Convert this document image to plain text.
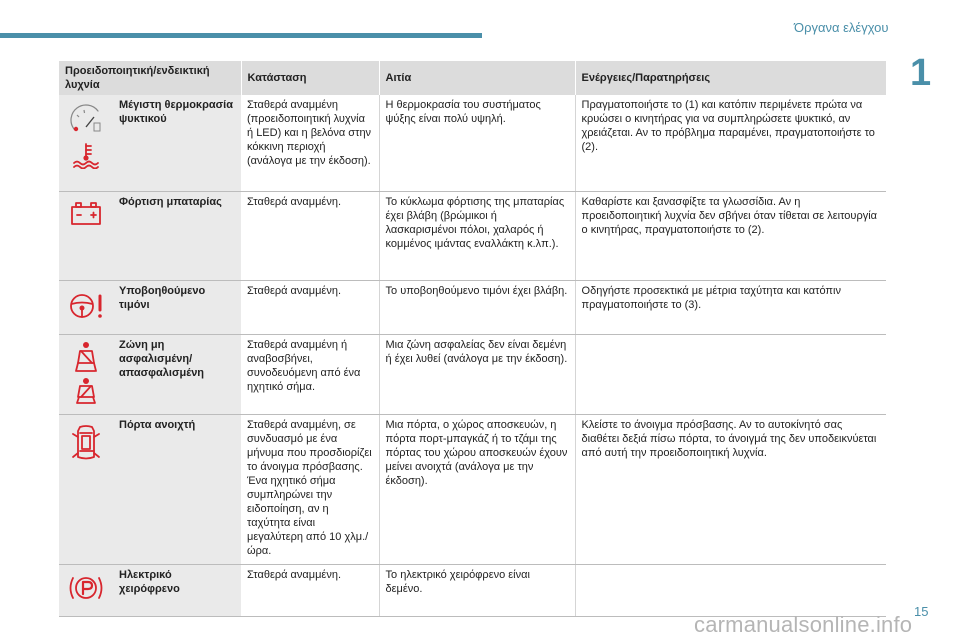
Όργανα ελέγχου
1
Προειδοποιητική/ενδεικτική λυχνία		Κατάσταση	Αιτία	Ενέργειες/Παρατηρήσεις

	Μέγιστη θερμοκρασία ψυκτικού	Σταθερά αναμμένη (προειδοποιητική λυχνία ή LED) και η βελόνα στην κόκκινη περιοχή (ανάλογα με την έκδοση).	Η θερμοκρασία του συστήματος ψύξης είναι πολύ υψηλή.	Πραγματοποιήστε το (1) και κατόπιν περιμένετε πρώτα να κρυώσει ο κινητήρας για να συμπληρώσετε ψυκτικό, αν χρειάζεται. Αν το πρόβλημα παραμένει, πραγματοποιήστε το (2).

	Φόρτιση μπαταρίας	Σταθερά αναμμένη.	Το κύκλωμα φόρτισης της μπαταρίας έχει βλάβη (βρώμικοι ή λασκαρισμένοι πόλοι, χαλαρός ή κομμένος ιμάντας εναλλάκτη κ.λπ.).	Καθαρίστε και ξανασφίξτε τα γλωσσίδια. Αν η προειδοποιητική λυχνία δεν σβήνει όταν τίθεται σε λειτουργία ο κινητήρας, πραγματοποιήστε το (2).

	Υποβοηθούμενο τιμόνι	Σταθερά αναμμένη.	Το υποβοηθούμενο τιμόνι έχει βλάβη.	Οδηγήστε προσεκτικά με μέτρια ταχύτητα και κατόπιν πραγματοποιήστε το (3).

	Ζώνη μη ασφαλισμένη/ απασφαλισμένη	Σταθερά αναμμένη ή αναβοσβήνει, συνοδευόμενη από ένα ηχητικό σήμα.	Μια ζώνη ασφαλείας δεν είναι δεμένη ή έχει λυθεί (ανάλογα με την έκδοση).	

	Πόρτα ανοιχτή	Σταθερά αναμμένη, σε συνδυασμό με ένα μήνυμα που προσδιορίζει το άνοιγμα πρόσβασης. Ένα ηχητικό σήμα συμπληρώνει την ειδοποίηση, αν η ταχύτητα είναι μεγαλύτερη από 10 χλμ./ώρα.	Μια πόρτα, ο χώρος αποσκευών, η πόρτα πορτ-μπαγκάζ ή το τζάμι της πόρτας του χώρου αποσκευών έχουν μείνει ανοιχτά (ανάλογα με την έκδοση).	Κλείστε το άνοιγμα πρόσβασης. Αν το αυτοκίνητό σας διαθέτει δεξιά πίσω πόρτα, το άνοιγμά της δεν υποδεικνύεται από αυτή την προειδοποιητική λυχνία.

	Ηλεκτρικό χειρόφρενο	Σταθερά αναμμένη.	Το ηλεκτρικό χειρόφρενο είναι δεμένο.	
carmanualsonline.info
15
